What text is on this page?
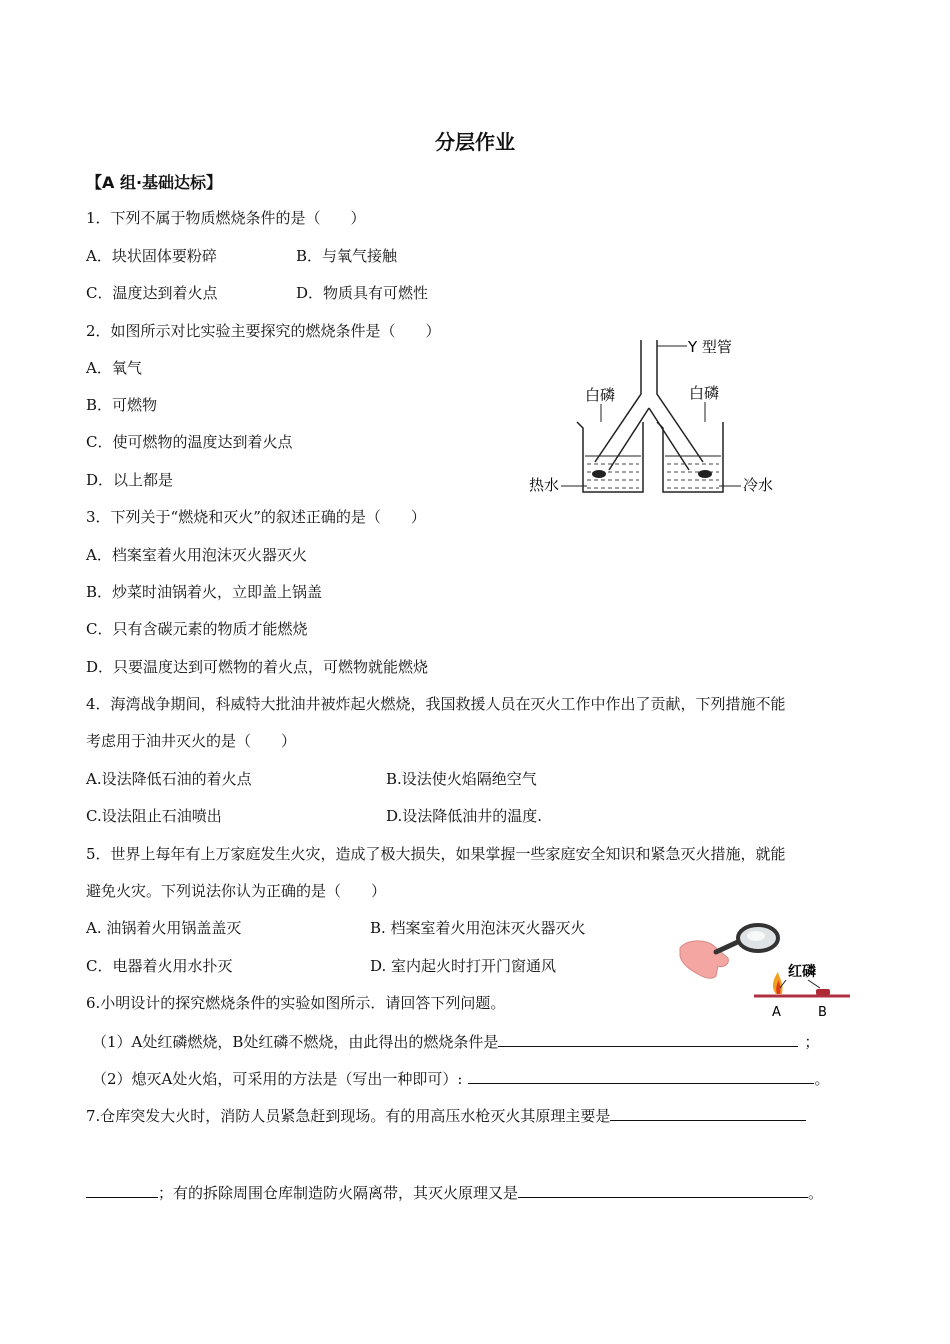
分层作业
【A 组·基础达标】
1．下列不属于物质燃烧条件的是（　　）
A．块状固体要粉碎	B．与氧气接触
C．温度达到着火点	D．物质具有可燃性
2．如图所示对比实验主要探究的燃烧条件是（　　）
A．氧气
B．可燃物
C．使可燃物的温度达到着火点
D．以上都是
Y 型管
白磷	白磷
热水	冷水
3．下列关于“燃烧和灭火”的叙述正确的是（　　）
A．档案室着火用泡沫灭火器灭火
B．炒菜时油锅着火，立即盖上锅盖
C．只有含碳元素的物质才能燃烧
D．只要温度达到可燃物的着火点，可燃物就能燃烧
4．海湾战争期间，科威特大批油井被炸起火燃烧，我国救援人员在灭火工作中作出了贡献，下列措施不能
考虑用于油井灭火的是（　　）
A.设法降低石油的着火点	B.设法使火焰隔绝空气
C.设法阻止石油喷出	D.设法降低油井的温度.
5．世界上每年有上万家庭发生火灾，造成了极大损失，如果掌握一些家庭安全知识和紧急灭火措施，就能
避免火灾。下列说法你认为正确的是（　　）
A. 油锅着火用锅盖盖灭	B. 档案室着火用泡沫灭火器灭火
C．电器着火用水扑灭	D. 室内起火时打开门窗通风	红磷
A	B
6.小明设计的探究燃烧条件的实验如图所示．请回答下列问题。
（1）A处红磷燃烧，B处红磷不燃烧，由此得出的燃烧条件是	；
（2）熄灭A处火焰，可采用的方法是（写出一种即可）:	。
7.仓库突发大火时，消防人员紧急赶到现场。有的用高压水枪灭火其原理主要是
；有的拆除周围仓库制造防火隔离带，其灭火原理又是	。
